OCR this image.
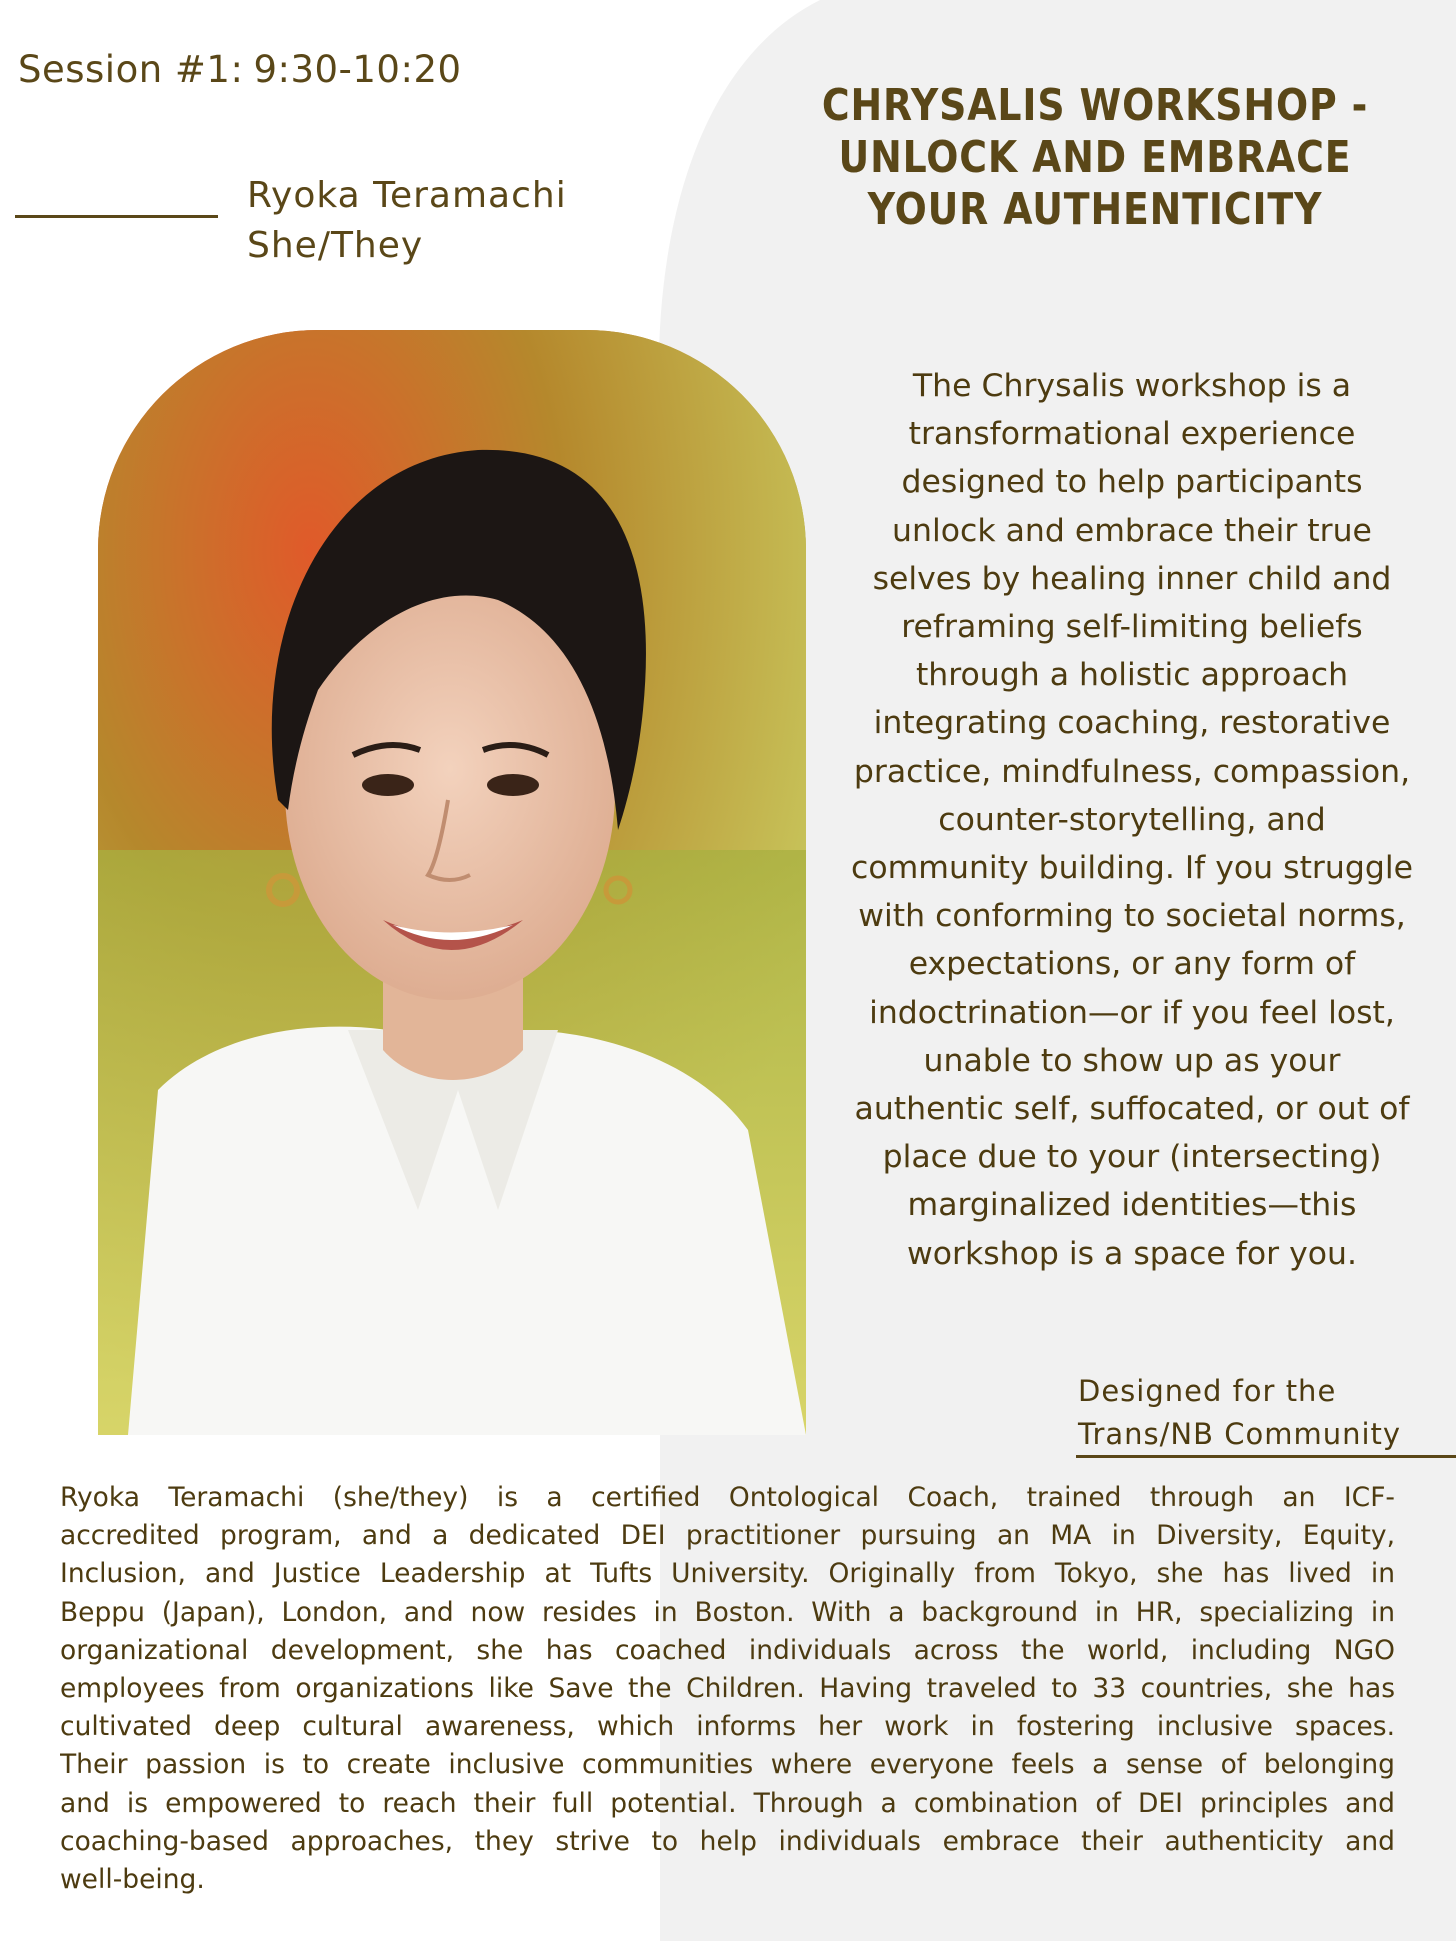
Session #1: 9:30-10:20
Ryoka Teramachi
She/They
CHRYSALIS WORKSHOP -
UNLOCK AND EMBRACE
YOUR AUTHENTICITY
The Chrysalis workshop is a
transformational experience
designed to help participants
unlock and embrace their true
selves by healing inner child and
reframing self-limiting beliefs
through a holistic approach
integrating coaching, restorative
practice, mindfulness, compassion,
counter-storytelling, and
community building. If you struggle
with conforming to societal norms,
expectations, or any form of
indoctrination—or if you feel lost,
unable to show up as your
authentic self, suffocated, or out of
place due to your (intersecting)
marginalized identities—this
workshop is a space for you.
Designed for the
Trans/NB Community
Ryoka Teramachi (she/they) is a certified Ontological Coach, trained through an ICF-
accredited program, and a dedicated DEI practitioner pursuing an MA in Diversity, Equity,
Inclusion, and Justice Leadership at Tufts University. Originally from Tokyo, she has lived in
Beppu (Japan), London, and now resides in Boston. With a background in HR, specializing in
organizational development, she has coached individuals across the world, including NGO
employees from organizations like Save the Children. Having traveled to 33 countries, she has
cultivated deep cultural awareness, which informs her work in fostering inclusive spaces.
Their passion is to create inclusive communities where everyone feels a sense of belonging
and is empowered to reach their full potential. Through a combination of DEI principles and
coaching-based approaches, they strive to help individuals embrace their authenticity and
well-being.
